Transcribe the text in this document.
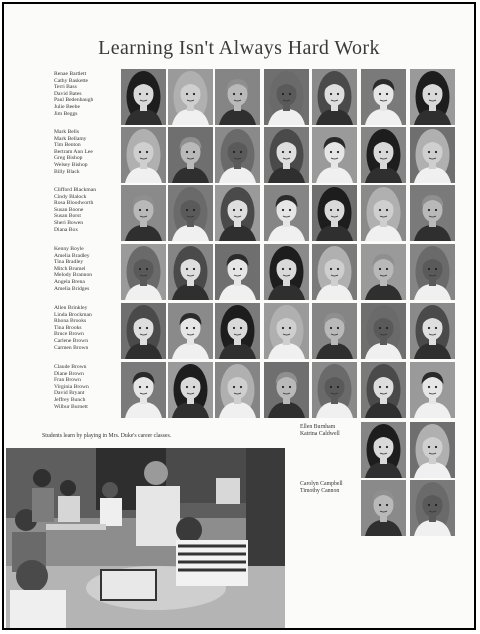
Learning Isn't Always Hard Work
Renae Bartlett
Cathy Baskette
Terri Bass
David Bates
Paul Bedenbaugh
Julie Beebe
Jim Beggs
Mark Bells
Mark Bellamy
Tim Benton
Bertram Ann Lee
Greg Bishop
Welsey Bishop
Billy Black
Clifford Blackman
Cindy Blalock
Rosa Bloodworth
Susan Boone
Susan Borst
Sheri Bowen
Diana Box
Kenny Boyle
Amelia Bradley
Tina Bradley
Mitch Brumel
Melody Brannon
Angela Brena
Amelia Bridges
Allen Brinkley
Linda Brockman
Rhona Brooks
Tina Brooks
Bruce Brown
Carlene Brown
Carmen Brown
Claude Brown
Diane Brown
Fran Brown
Virginia Brown
David Bryant
Jeffrey Bunch
Wilbur Burnett
Students learn by playing in Mrs. Duke's career classes.
Ellen Burnham
Katrina Caldwell
Carolyn Campbell
Timothy Cannon
